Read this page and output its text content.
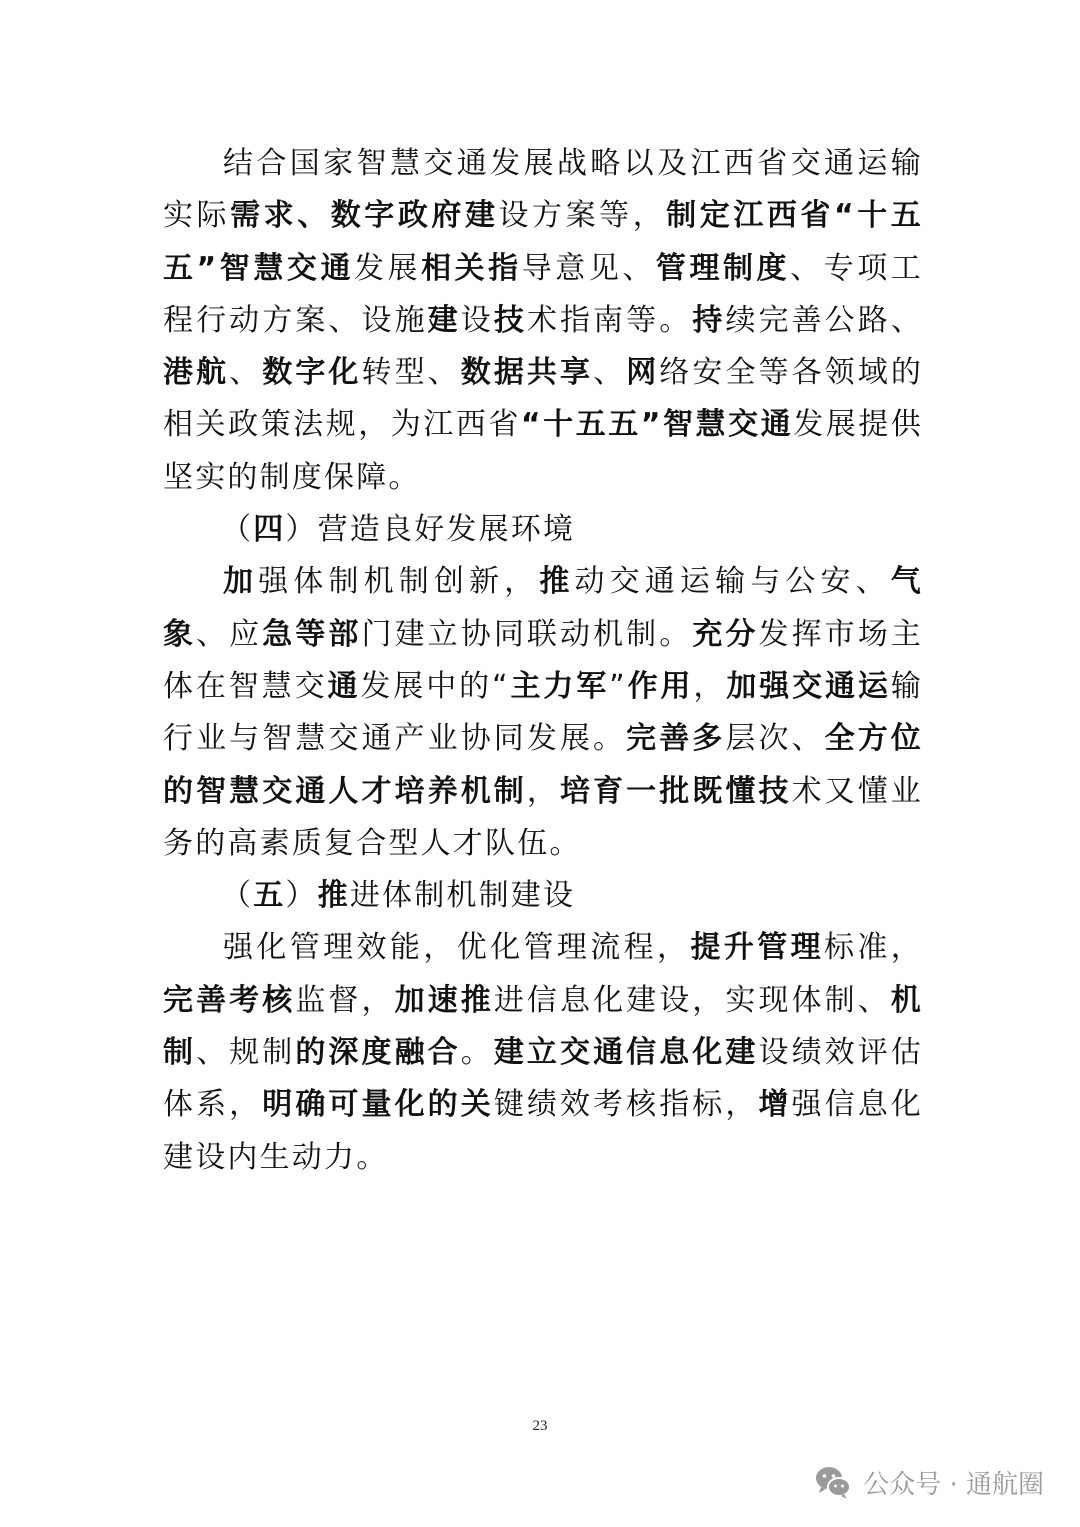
结合国家智慧交通发展战略以及江西省交通运输实际需求、数字政府建设方案等，制定江西省“十五五”智慧交通发展相关指导意见、管理制度、专项工程行动方案、设施建设技术指南等。持续完善公路、港航、数字化转型、数据共享、网络安全等各领域的相关政策法规，为江西省“十五五”智慧交通发展提供坚实的制度保障。

（四）营造良好发展环境

加强体制机制创新，推动交通运输与公安、气象、应急等部门建立协同联动机制。充分发挥市场主体在智慧交通发展中的“主力军”作用，加强交通运输行业与智慧交通产业协同发展。完善多层次、全方位的智慧交通人才培养机制，培育一批既懂技术又懂业务的高素质复合型人才队伍。

（五）推进体制机制建设

强化管理效能，优化管理流程，提升管理标准，完善考核监督，加速推进信息化建设，实现体制、机制、规制的深度融合。建立交通信息化建设绩效评估体系，明确可量化的关键绩效考核指标，增强信息化建设内生动力。

23
公众号 · 通航圈
